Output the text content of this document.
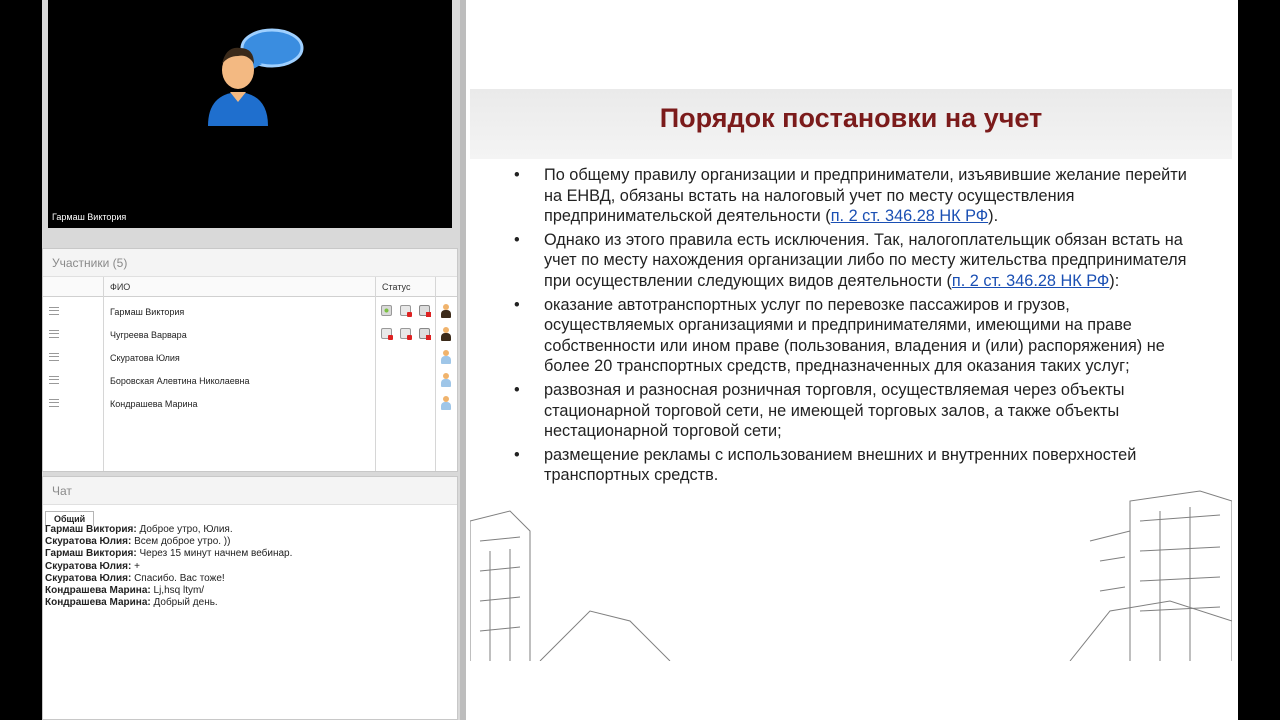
Гармаш Виктория
Участники (5)
ФИО	Статус
Гармаш Виктория
Чугреева Варвара
Скуратова Юлия
Боровская Алевтина Николаевна
Кондрашева Марина
Чат
Общий
Гармаш Виктория: Доброе утро, Юлия.
Скуратова Юлия: Всем доброе утро. ))
Гармаш Виктория: Через 15 минут начнем вебинар.
Скуратова Юлия: +
Скуратова Юлия: Спасибо. Вас тоже!
Кондрашева Марина: Lj,hsq ltym/
Кондрашева Марина: Добрый день.
Порядок постановки на учет
• По общему правилу организации и предприниматели, изъявившие желание перейти на ЕНВД, обязаны встать на налоговый учет по месту осуществления предпринимательской деятельности (п. 2 ст. 346.28 НК РФ).
• Однако из этого правила есть исключения. Так, налогоплательщик обязан встать на учет по месту нахождения организации либо по месту жительства предпринимателя при осуществлении следующих видов деятельности (п. 2 ст. 346.28 НК РФ):
• оказание автотранспортных услуг по перевозке пассажиров и грузов, осуществляемых организациями и предпринимателями, имеющими на праве собственности или ином праве (пользования, владения и (или) распоряжения) не более 20 транспортных средств, предназначенных для оказания таких услуг;
• развозная и разносная розничная торговля, осуществляемая через объекты стационарной торговой сети, не имеющей торговых залов, а также объекты нестационарной торговой сети;
• размещение рекламы с использованием внешних и внутренних поверхностей транспортных средств.
